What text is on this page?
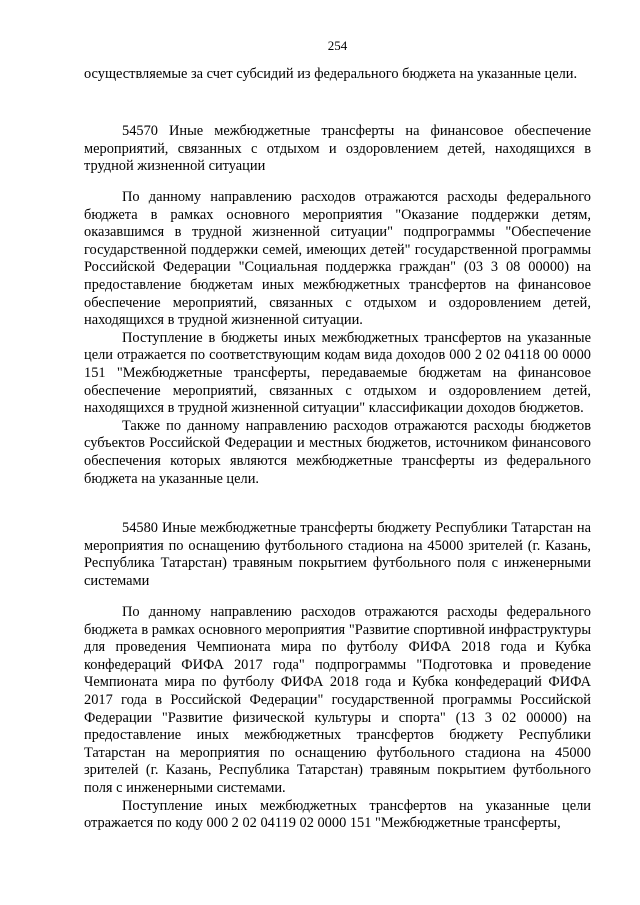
254

осуществляемые за счет субсидий из федерального бюджета на указанные цели.

54570 Иные межбюджетные трансферты на финансовое обеспечение мероприятий, связанных с отдыхом и оздоровлением детей, находящихся в трудной жизненной ситуации

По данному направлению расходов отражаются расходы федерального бюджета в рамках основного мероприятия "Оказание поддержки детям, оказавшимся в трудной жизненной ситуации" подпрограммы "Обеспечение государственной поддержки семей, имеющих детей" государственной программы Российской Федерации "Социальная поддержка граждан" (03 3 08 00000) на предоставление бюджетам иных межбюджетных трансфертов на финансовое обеспечение мероприятий, связанных с отдыхом и оздоровлением детей, находящихся в трудной жизненной ситуации.

Поступление в бюджеты иных межбюджетных трансфертов на указанные цели отражается по соответствующим кодам вида доходов 000 2 02 04118 00 0000 151 "Межбюджетные трансферты, передаваемые бюджетам на финансовое обеспечение мероприятий, связанных с отдыхом и оздоровлением детей, находящихся в трудной жизненной ситуации" классификации доходов бюджетов.

Также по данному направлению расходов отражаются расходы бюджетов субъектов Российской Федерации и местных бюджетов, источником финансового обеспечения которых являются межбюджетные трансферты из федерального бюджета на указанные цели.

54580 Иные межбюджетные трансферты бюджету Республики Татарстан на мероприятия по оснащению футбольного стадиона на 45000 зрителей (г. Казань, Республика Татарстан) травяным покрытием футбольного поля с инженерными системами

По данному направлению расходов отражаются расходы федерального бюджета в рамках основного мероприятия "Развитие спортивной инфраструктуры для проведения Чемпионата мира по футболу ФИФА 2018 года и Кубка конфедераций ФИФА 2017 года" подпрограммы "Подготовка и проведение Чемпионата мира по футболу ФИФА 2018 года и Кубка конфедераций ФИФА 2017 года в Российской Федерации" государственной программы Российской Федерации "Развитие физической культуры и спорта" (13 3 02 00000) на предоставление иных межбюджетных трансфертов бюджету Республики Татарстан на мероприятия по оснащению футбольного стадиона на 45000 зрителей (г. Казань, Республика Татарстан) травяным покрытием футбольного поля с инженерными системами.

Поступление иных межбюджетных трансфертов на указанные цели отражается по коду 000 2 02 04119 02 0000 151 "Межбюджетные трансферты,
